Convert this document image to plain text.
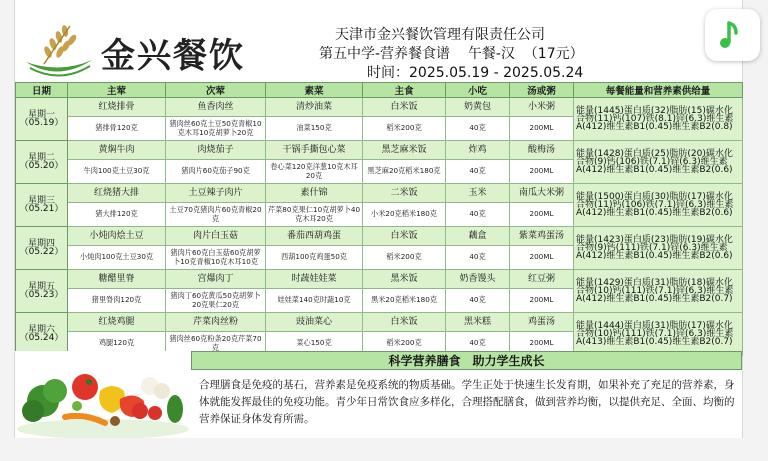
金兴餐饮
天津市金兴餐饮管理有限责任公司
第五中学-营养餐食谱    午餐-汉  （17元）
时间：2025.05.19 - 2025.05.24
日期	主荤	次荤	素菜	主食	小吃	汤或粥	每餐能量和营养素供给量
星期一（05.19）	红烧排骨	鱼香肉丝	清炒油菜	白米饭	奶黄包	小米粥	能量(1445)蛋白质(32)脂肪(15)碳水化合物(11)钙(107)铁(8.1)锌(6.3)维生素A(412)维生素B1(0.45)维生素B2(0.8)
	猪排骨120克	猪肉丝60克土豆50克青椒10克木耳10克胡萝卜20克	油菜150克	稻米200克	40克	200ML	
星期二（05.20）	黄焖牛肉	肉烧茄子	干锅手撕包心菜	黑芝麻米饭	炸鸡	酸梅汤	能量(1428)蛋白质(25)脂肪(20)碳水化合物(9)钙(106)铁(7.1)锌(6.3)维生素A(412)维生素B1(0.45)维生素B2(0.6)
	牛肉100克土豆30克	猪肉片60克茄子90克	卷心菜120克洋葱10克木耳20克	黑芝麻20克稻米180克	40克	200ML	
星期三（05.21）	红烧猪大排	土豆辣子肉片	素什锦	二米饭	玉米	南瓜大米粥	能量(1500)蛋白质(30)脂肪(17)碳水化合物(11)钙(106)铁(7.1)锌(6.3)维生素A(412)维生素B1(0.45)维生素B2(0.6)
	猪大排120克	土豆70克猪肉片60克青椒20克	芹菜80克果仁10克胡萝卜40克木耳20克	小米20克稻米180克	40克	200ML	
星期四（05.22）	小炖肉烩土豆	肉片白玉菇	番茄西葫鸡蛋	白米饭	藕盒	紫菜鸡蛋汤	能量(1423)蛋白质(23)脂肪(19)碳水化合物(9)钙(111)铁(7.1)锌(6.3)维生素A(412)维生素B1(0.45)维生素B2(0.6)
	小炖肉100克土豆30克	猪肉片60克白玉菇60克胡萝卜10克青椒10克木耳10克	西葫100克鸡蛋50克	稻米200克	40克	200ML	
星期五（05.23）	糖醋里脊	宫爆肉丁	时蔬娃娃菜	黑米饭	奶香馒头	红豆粥	能量(1429)蛋白质(31)脂肪(18)碳水化合物(10)钙(111)铁(7.1)锌(6.3)维生素A(412)维生素B1(0.45)维生素B2(0.7)
	猪里脊肉120克	猪肉丁60克黄瓜50克胡萝卜20克果仁20克	娃娃菜140克时蔬10克	黑米20克稻米180克	40克	200ML	
星期六（05.24）	红烧鸡腿	芹菜肉丝粉	豉油菜心	白米饭	黑米糕	鸡蛋汤	能量(1444)蛋白质(31)脂肪(17)碳水化合物(10)钙(111)铁(7.1)锌(6.3)维生素A(413)维生素B1(0.45)维生素B2(0.7)
	鸡腿120克	猪肉丝60克粉条20克芹菜70克	菜心150克	稻米200克	40克	200ML	
科学营养膳食　助力学生成长
合理膳食是免疫的基石，营养素是免疫系统的物质基础。学生正处于快速生长发育期，如果补充了充足的营养素，身体就能发挥最佳的免疫功能。青少年日常饮食应多样化，合理搭配膳食，做到营养均衡，以提供充足、全面、均衡的营养保证身体发育所需。
